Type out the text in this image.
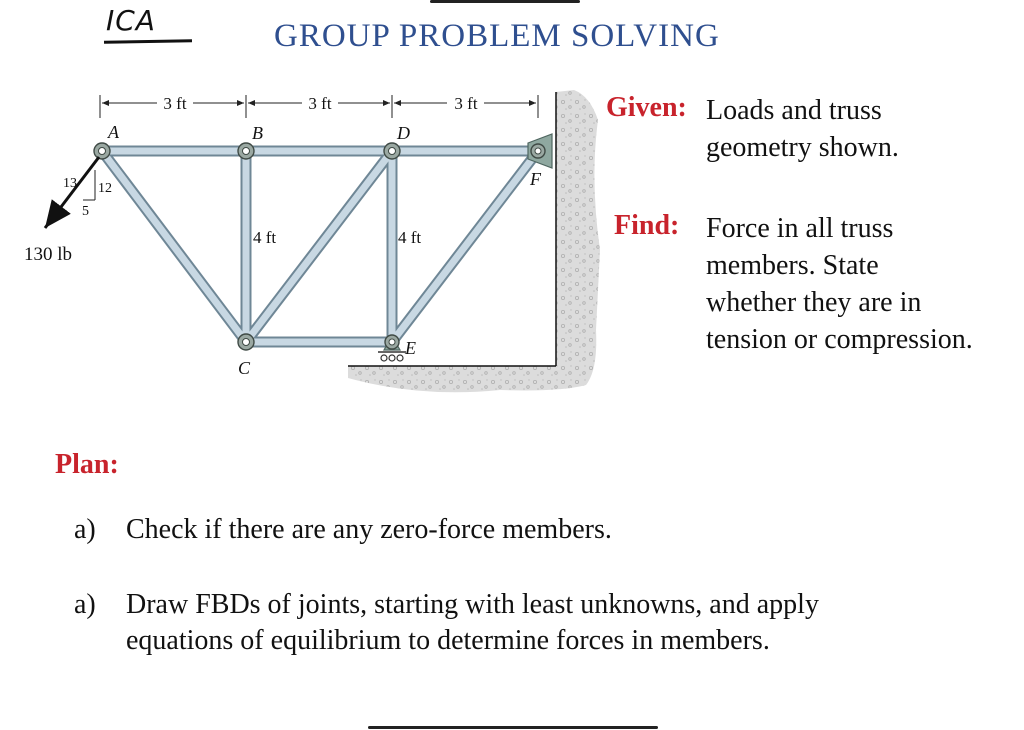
ICA	GROUP PROBLEM SOLVING
3 ft	3 ft	3 ft
A	B	D
F
C
E
4 ft	4 ft
13 12
5
130 lb
Given: Loads and truss
geometry shown.
Find: Force in all truss
members. State
whether they are in
tension or compression.
Plan:
a) Check if there are any zero-force members.
a) Draw FBDs of joints, starting with least unknowns, and apply
equations of equilibrium to determine forces in members.
